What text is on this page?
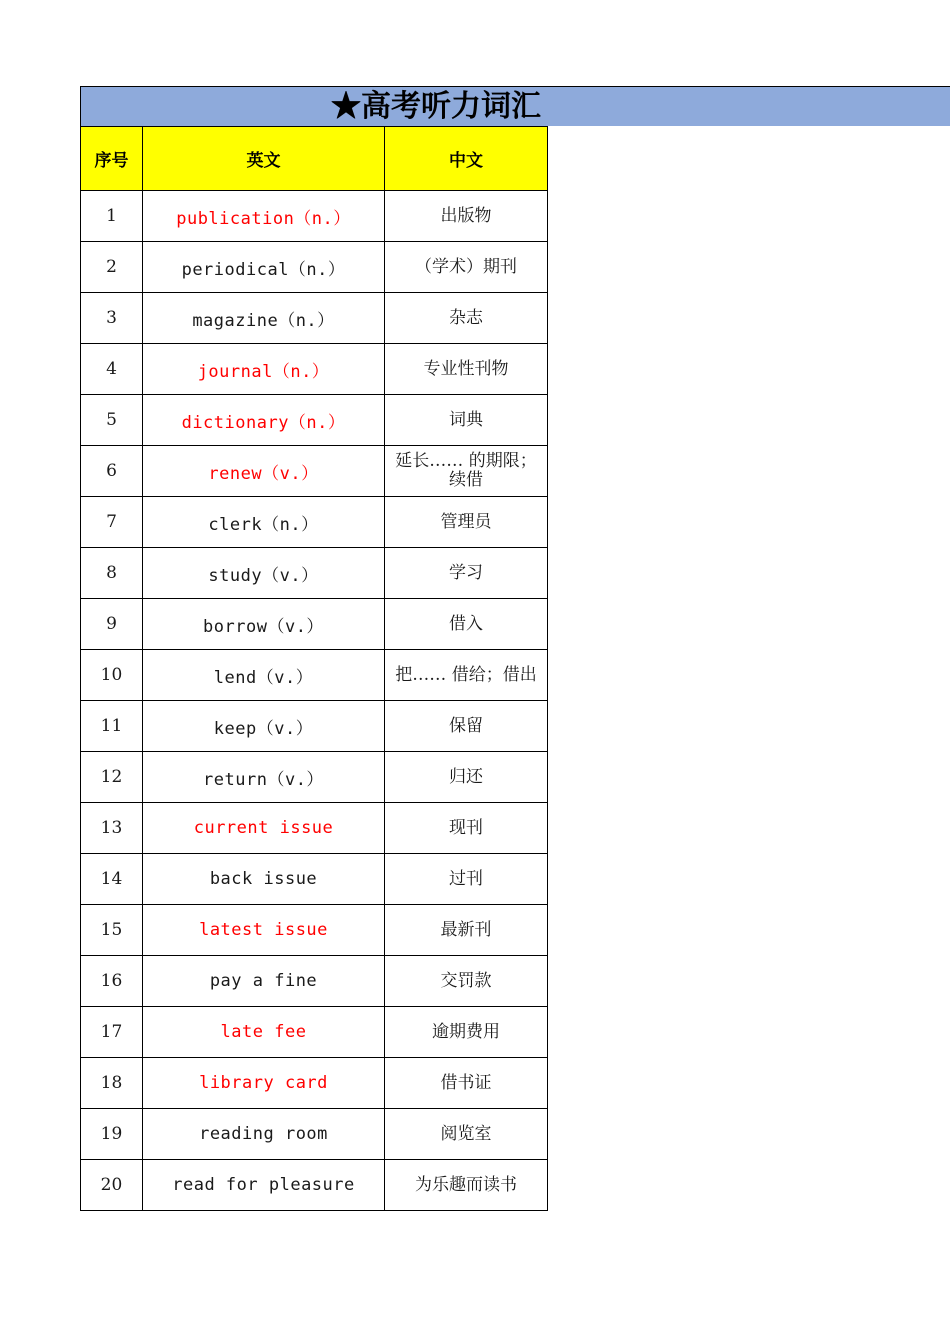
★高考听力词汇
序号	英文	中文
1	publication（n.）	出版物
2	periodical（n.）	（学术）期刊
3	magazine（n.）	杂志
4	journal（n.）	专业性刊物
5	dictionary（n.）	词典
6	renew（v.）	延长…… 的期限；续借
7	clerk（n.）	管理员
8	study（v.）	学习
9	borrow（v.）	借入
10	lend（v.）	把…… 借给；借出
11	keep（v.）	保留
12	return（v.）	归还
13	current issue	现刊
14	back issue	过刊
15	latest issue	最新刊
16	pay a fine	交罚款
17	late fee	逾期费用
18	library card	借书证
19	reading room	阅览室
20	read for pleasure	为乐趣而读书
